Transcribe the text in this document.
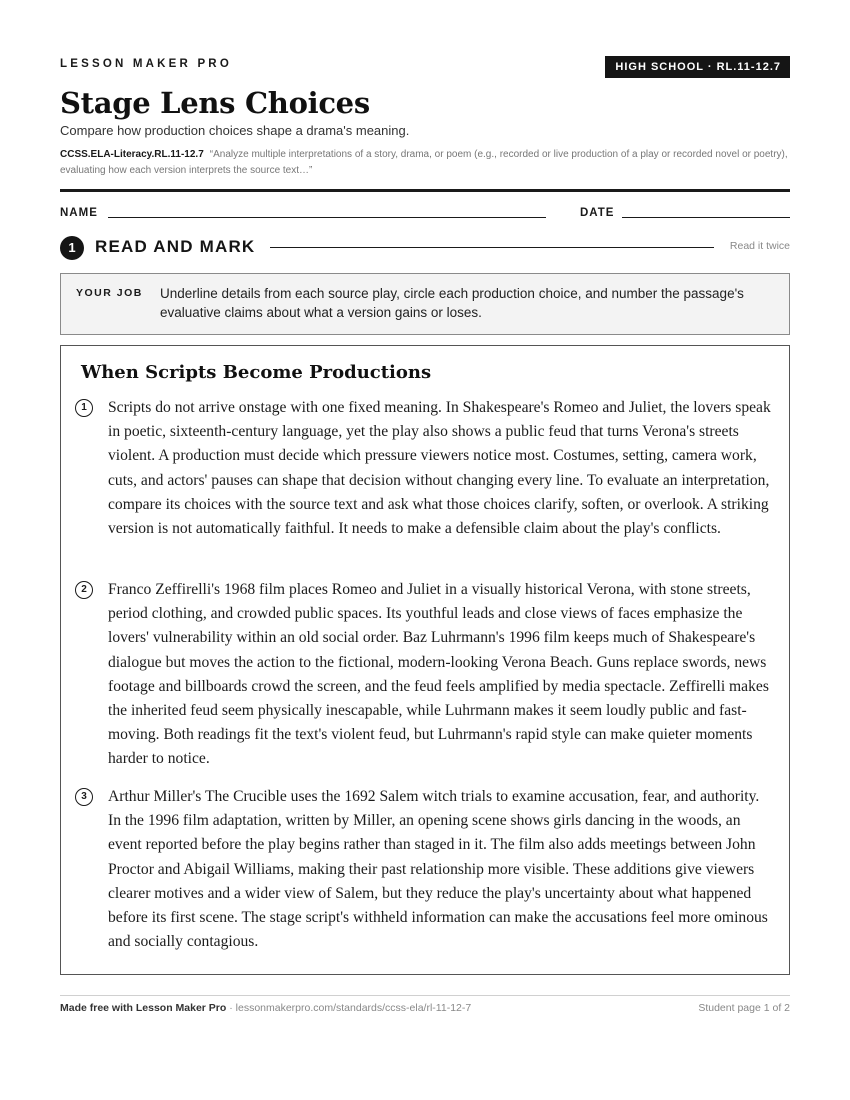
LESSON MAKER PRO	HIGH SCHOOL · RL.11-12.7
Stage Lens Choices
Compare how production choices shape a drama's meaning.
CCSS.ELA-Literacy.RL.11-12.7 “Analyze multiple interpretations of a story, drama, or poem (e.g., recorded or live production of a play or recorded novel or poetry), evaluating how each version interprets the source text…”
NAME	DATE
1	READ AND MARK	Read it twice
YOUR JOB Underline details from each source play, circle each production choice, and number the passage's evaluative claims about what a version gains or loses.
When Scripts Become Productions
1	Scripts do not arrive onstage with one fixed meaning. In Shakespeare's Romeo and Juliet, the lovers speak in poetic, sixteenth-century language, yet the play also shows a public feud that turns Verona's streets violent. A production must decide which pressure viewers notice most. Costumes, setting, camera work, cuts, and actors' pauses can shape that decision without changing every line. To evaluate an interpretation, compare its choices with the source text and ask what those choices clarify, soften, or overlook. A striking version is not automatically faithful. It needs to make a defensible claim about the play's conflicts.
2	Franco Zeffirelli's 1968 film places Romeo and Juliet in a visually historical Verona, with stone streets, period clothing, and crowded public spaces. Its youthful leads and close views of faces emphasize the lovers' vulnerability within an old social order. Baz Luhrmann's 1996 film keeps much of Shakespeare's dialogue but moves the action to the fictional, modern-looking Verona Beach. Guns replace swords, news footage and billboards crowd the screen, and the feud feels amplified by media spectacle. Zeffirelli makes the inherited feud seem physically inescapable, while Luhrmann makes it seem loudly public and fast-moving. Both readings fit the text's violent feud, but Luhrmann's rapid style can make quieter moments harder to notice.
3	Arthur Miller's The Crucible uses the 1692 Salem witch trials to examine accusation, fear, and authority. In the 1996 film adaptation, written by Miller, an opening scene shows girls dancing in the woods, an event reported before the play begins rather than staged in it. The film also adds meetings between John Proctor and Abigail Williams, making their past relationship more visible. These additions give viewers clearer motives and a wider view of Salem, but they reduce the play's uncertainty about what happened before its first scene. The stage script's withheld information can make the accusations feel more ominous and socially contagious.
Made free with Lesson Maker Pro · lessonmakerpro.com/standards/ccss-ela/rl-11-12-7	Student page 1 of 2
